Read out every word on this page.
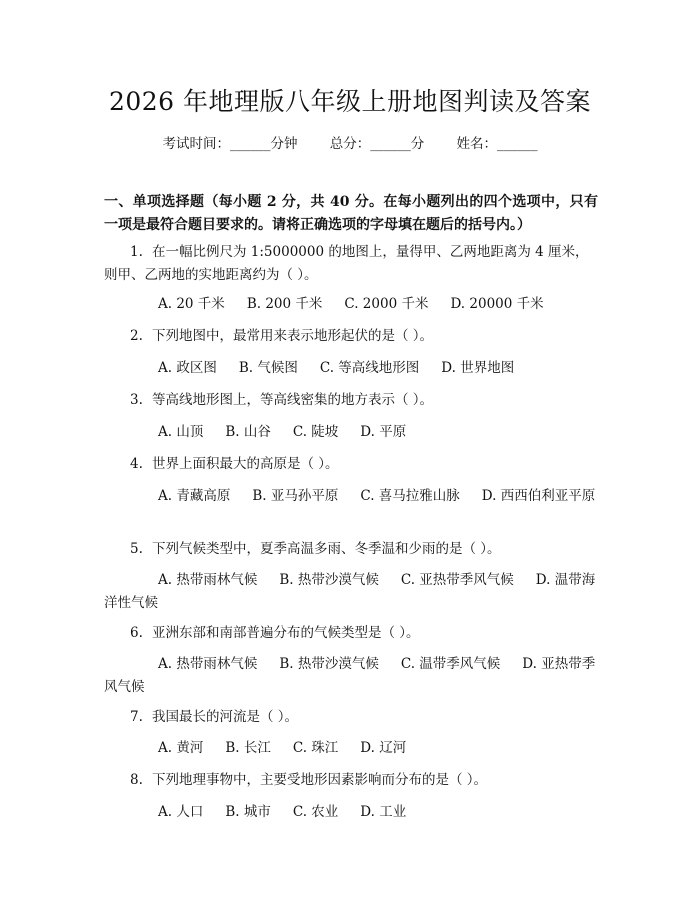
2026 年地理版八年级上册地图判读及答案
考试时间：______分钟 总分：______分 姓名：______
一、单项选择题（每小题 2 分，共 40 分。在每小题列出的四个选项中，只有一项是最符合题目要求的。请将正确选项的字母填在题后的括号内。）
1. 在一幅比例尺为 1:5000000 的地图上，量得甲、乙两地距离为 4 厘米，则甲、乙两地的实地距离约为（ ）。
A. 20 千米 B. 200 千米 C. 2000 千米 D. 20000 千米
2. 下列地图中，最常用来表示地形起伏的是（ ）。
A. 政区图 B. 气候图 C. 等高线地形图 D. 世界地图
3. 等高线地形图上，等高线密集的地方表示（ ）。
A. 山顶 B. 山谷 C. 陡坡 D. 平原
4. 世界上面积最大的高原是（ ）。
A. 青藏高原 B. 亚马孙平原 C. 喜马拉雅山脉 D. 西西伯利亚平原
5. 下列气候类型中，夏季高温多雨、冬季温和少雨的是（ ）。
A. 热带雨林气候 B. 热带沙漠气候 C. 亚热带季风气候 D. 温带海洋性气候
6. 亚洲东部和南部普遍分布的气候类型是（ ）。
A. 热带雨林气候 B. 热带沙漠气候 C. 温带季风气候 D. 亚热带季风气候
7. 我国最长的河流是（ ）。
A. 黄河 B. 长江 C. 珠江 D. 辽河
8. 下列地理事物中，主要受地形因素影响而分布的是（ ）。
A. 人口 B. 城市 C. 农业 D. 工业
